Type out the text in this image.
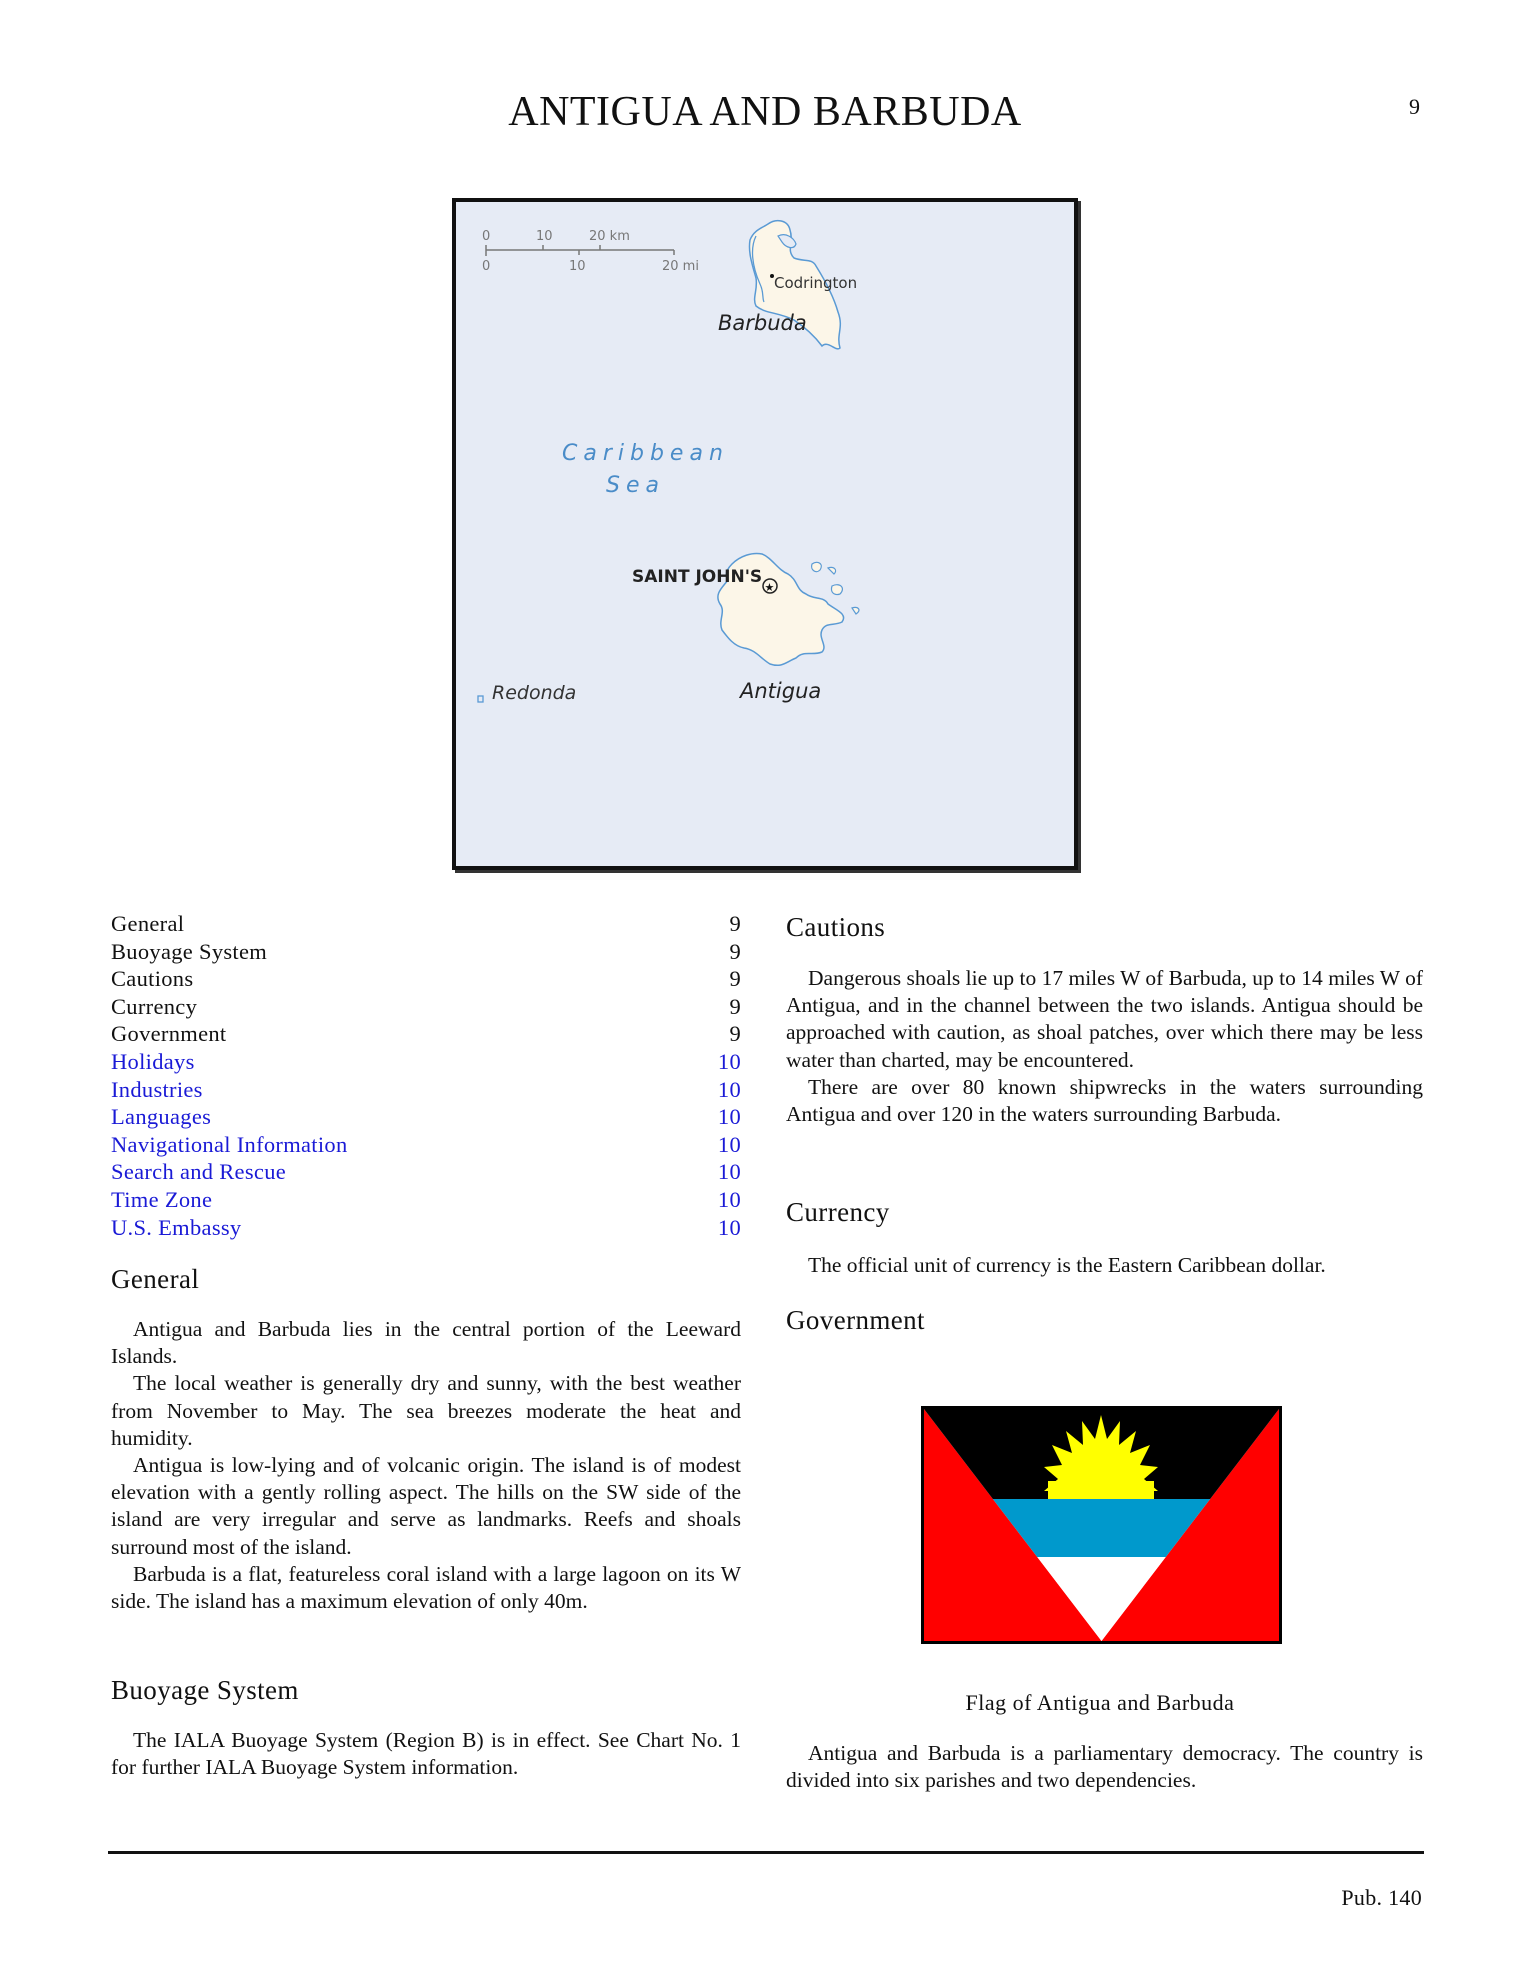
ANTIGUA AND BARBUDA	9
0	10	20 km
0	10	20 mi
Codrington
Barbuda
Caribbean
Sea
★
SAINT JOHN'S
Antigua
Redonda
General	9
Buoyage System	9
Cautions	9
Currency	9
Government	9
Holidays	10
Industries	10
Languages	10
Navigational Information	10
Search and Rescue	10
Time Zone	10
U.S. Embassy	10
General

Antigua and Barbuda lies in the central portion of the Leeward Islands.

The local weather is generally dry and sunny, with the best weather from November to May. The sea breezes moderate the heat and humidity.

Antigua is low-lying and of volcanic origin. The island is of modest elevation with a gently rolling aspect. The hills on the SW side of the island are very irregular and serve as landmarks. Reefs and shoals surround most of the island.

Barbuda is a flat, featureless coral island with a large lagoon on its W side. The island has a maximum elevation of only 40m.

Buoyage System

The IALA Buoyage System (Region B) is in effect. See Chart No. 1 for further IALA Buoyage System information.

Cautions

Dangerous shoals lie up to 17 miles W of Barbuda, up to 14 miles W of Antigua, and in the channel between the two islands. Antigua should be approached with caution, as shoal patches, over which there may be less water than charted, may be encountered.

There are over 80 known shipwrecks in the waters surrounding Antigua and over 120 in the waters surrounding Barbuda.

Currency

The official unit of currency is the Eastern Caribbean dollar.

Government
Flag of Antigua and Barbuda

Antigua and Barbuda is a parliamentary democracy. The country is divided into six parishes and two dependencies.

Pub. 140
